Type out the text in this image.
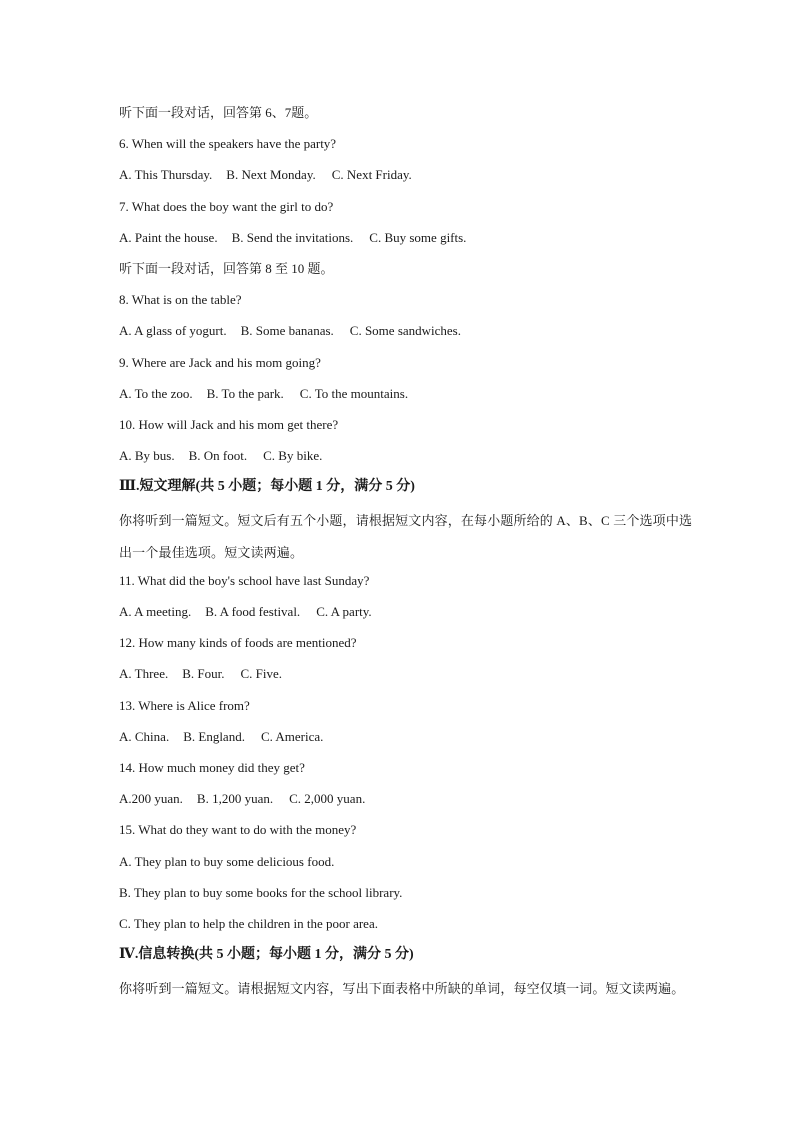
听下面一段对话，回答第 6、7题。
6. When will the speakers have the party?
A. This Thursday. B. Next Monday. C. Next Friday.
7. What does the boy want the girl to do?
A. Paint the house. B. Send the invitations. C. Buy some gifts.
听下面一段对话，回答第 8 至 10 题。
8. What is on the table?
A. A glass of yogurt. B. Some bananas. C. Some sandwiches.
9. Where are Jack and his mom going?
A. To the zoo. B. To the park. C. To the mountains.
10. How will Jack and his mom get there?
A. By bus. B. On foot. C. By bike.
Ⅲ.短文理解(共 5 小题；每小题 1 分，满分 5 分)
你将听到一篇短文。短文后有五个小题，请根据短文内容，在每小题所给的 A、B、C 三个选项中选出一个最佳选项。短文读两遍。
11. What did the boy's school have last Sunday?
A. A meeting. B. A food festival. C. A party.
12. How many kinds of foods are mentioned?
A. Three. B. Four. C. Five.
13. Where is Alice from?
A. China. B. England. C. America.
14. How much money did they get?
A.200 yuan. B. 1,200 yuan. C. 2,000 yuan.
15. What do they want to do with the money?
A. They plan to buy some delicious food.
B. They plan to buy some books for the school library.
C. They plan to help the children in the poor area.
Ⅳ.信息转换(共 5 小题；每小题 1 分，满分 5 分)
你将听到一篇短文。请根据短文内容，写出下面表格中所缺的单词，每空仅填一词。短文读两遍。
